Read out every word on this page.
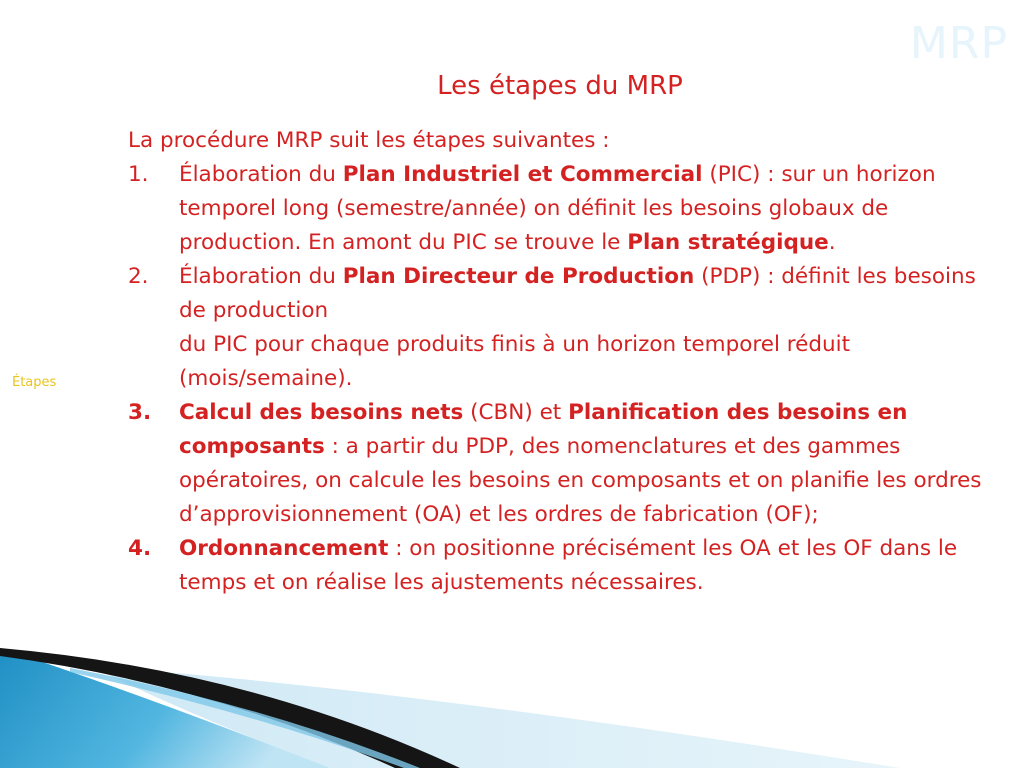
MRP
Les étapes du MRP
Étapes

La procédure MRP suit les étapes suivantes :

1. Élaboration du Plan Industriel et Commercial (PIC) : sur un horizon temporel long (semestre/année) on définit les besoins globaux de production. En amont du PIC se trouve le Plan stratégique.
2. Élaboration du Plan Directeur de Production (PDP) : définit les besoins de production
du PIC pour chaque produits finis à un horizon temporel réduit (mois/semaine).
3. Calcul des besoins nets (CBN) et Planification des besoins en composants : a partir du PDP, des nomenclatures et des gammes opératoires, on calcule les besoins en composants et on planifie les ordres d’approvisionnement (OA) et les ordres de fabrication (OF);
4. Ordonnancement : on positionne précisément les OA et les OF dans le temps et on réalise les ajustements nécessaires.
